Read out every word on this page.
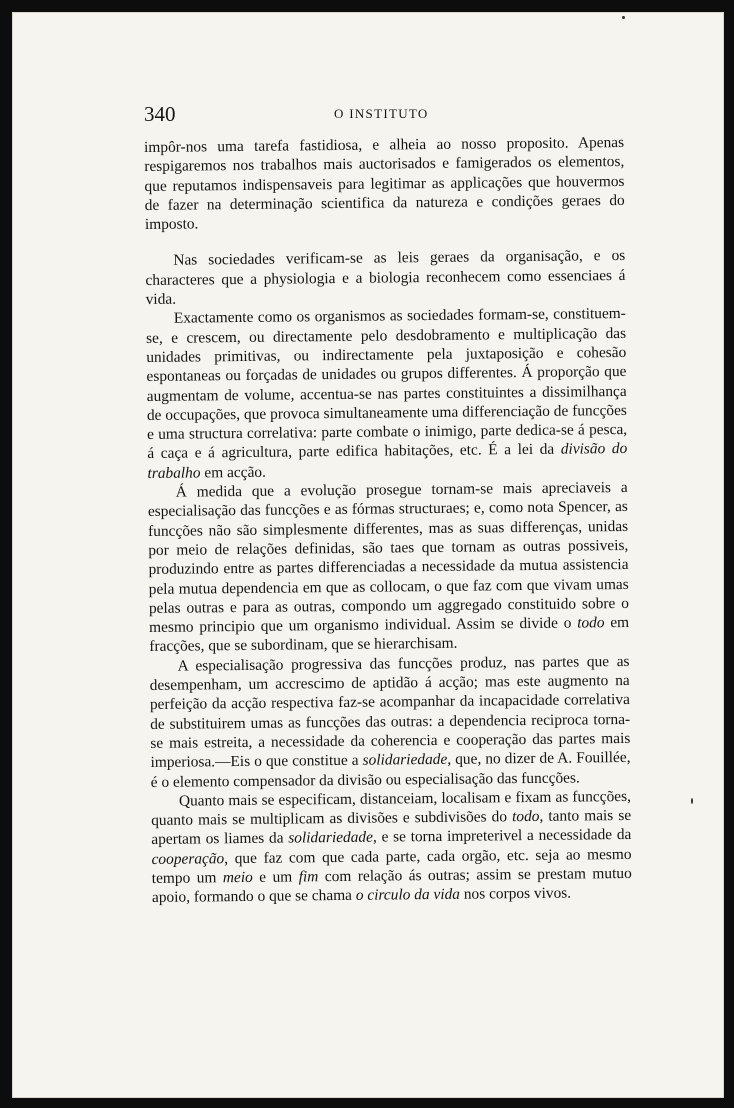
340	O INSTITUTO

impôr-nos uma tarefa fastidiosa, e alheia ao nosso proposito. Apenas respigaremos nos trabalhos mais auctorisados e famigerados os elementos, que reputamos indispensaveis para legitimar as applicações que houvermos de fazer na determinação scientifica da natureza e condições geraes do imposto.

Nas sociedades verificam-se as leis geraes da organisação, e os characteres que a physiologia e a biologia reconhecem como essenciaes á vida.

Exactamente como os organismos as sociedades formam-se, constituem-se, e crescem, ou directamente pelo desdobramento e multiplicação das unidades primitivas, ou indirectamente pela juxtaposição e cohesão espontaneas ou forçadas de unidades ou grupos differentes. Á proporção que augmentam de volume, accentua-se nas partes constituintes a dissimilhança de occupações, que provoca simultaneamente uma differenciação de funcções e uma structura correlativa: parte combate o inimigo, parte dedica-se á pesca, á caça e á agricultura, parte edifica habitações, etc. É a lei da divisão do trabalho em acção.

Á medida que a evolução prosegue tornam-se mais apreciaveis a especialisação das funcções e as fórmas structuraes; e, como nota Spencer, as funcções não são simplesmente differentes, mas as suas differenças, unidas por meio de relações definidas, são taes que tornam as outras possiveis, produzindo entre as partes differenciadas a necessidade da mutua assistencia pela mutua dependencia em que as collocam, o que faz com que vivam umas pelas outras e para as outras, compondo um aggregado constituido sobre o mesmo principio que um organismo individual. Assim se divide o todo em fracções, que se subordinam, que se hierarchisam.

A especialisação progressiva das funcções produz, nas partes que as desempenham, um accrescimo de aptidão á acção; mas este augmento na perfeição da acção respectiva faz-se acompanhar da incapacidade correlativa de substituirem umas as funcções das outras: a dependencia reciproca torna-se mais estreita, a necessidade da coherencia e cooperação das partes mais imperiosa.—Eis o que constitue a solidariedade, que, no dizer de A. Fouillée, é o elemento compensador da divisão ou especialisação das funcções.

Quanto mais se especificam, distanceiam, localisam e fixam as funcções, quanto mais se multiplicam as divisões e subdivisões do todo, tanto mais se apertam os liames da solidariedade, e se torna impreterivel a necessidade da cooperação, que faz com que cada parte, cada orgão, etc. seja ao mesmo tempo um meio e um fim com relação ás outras; assim se prestam mutuo apoio, formando o que se chama o circulo da vida nos corpos vivos.
